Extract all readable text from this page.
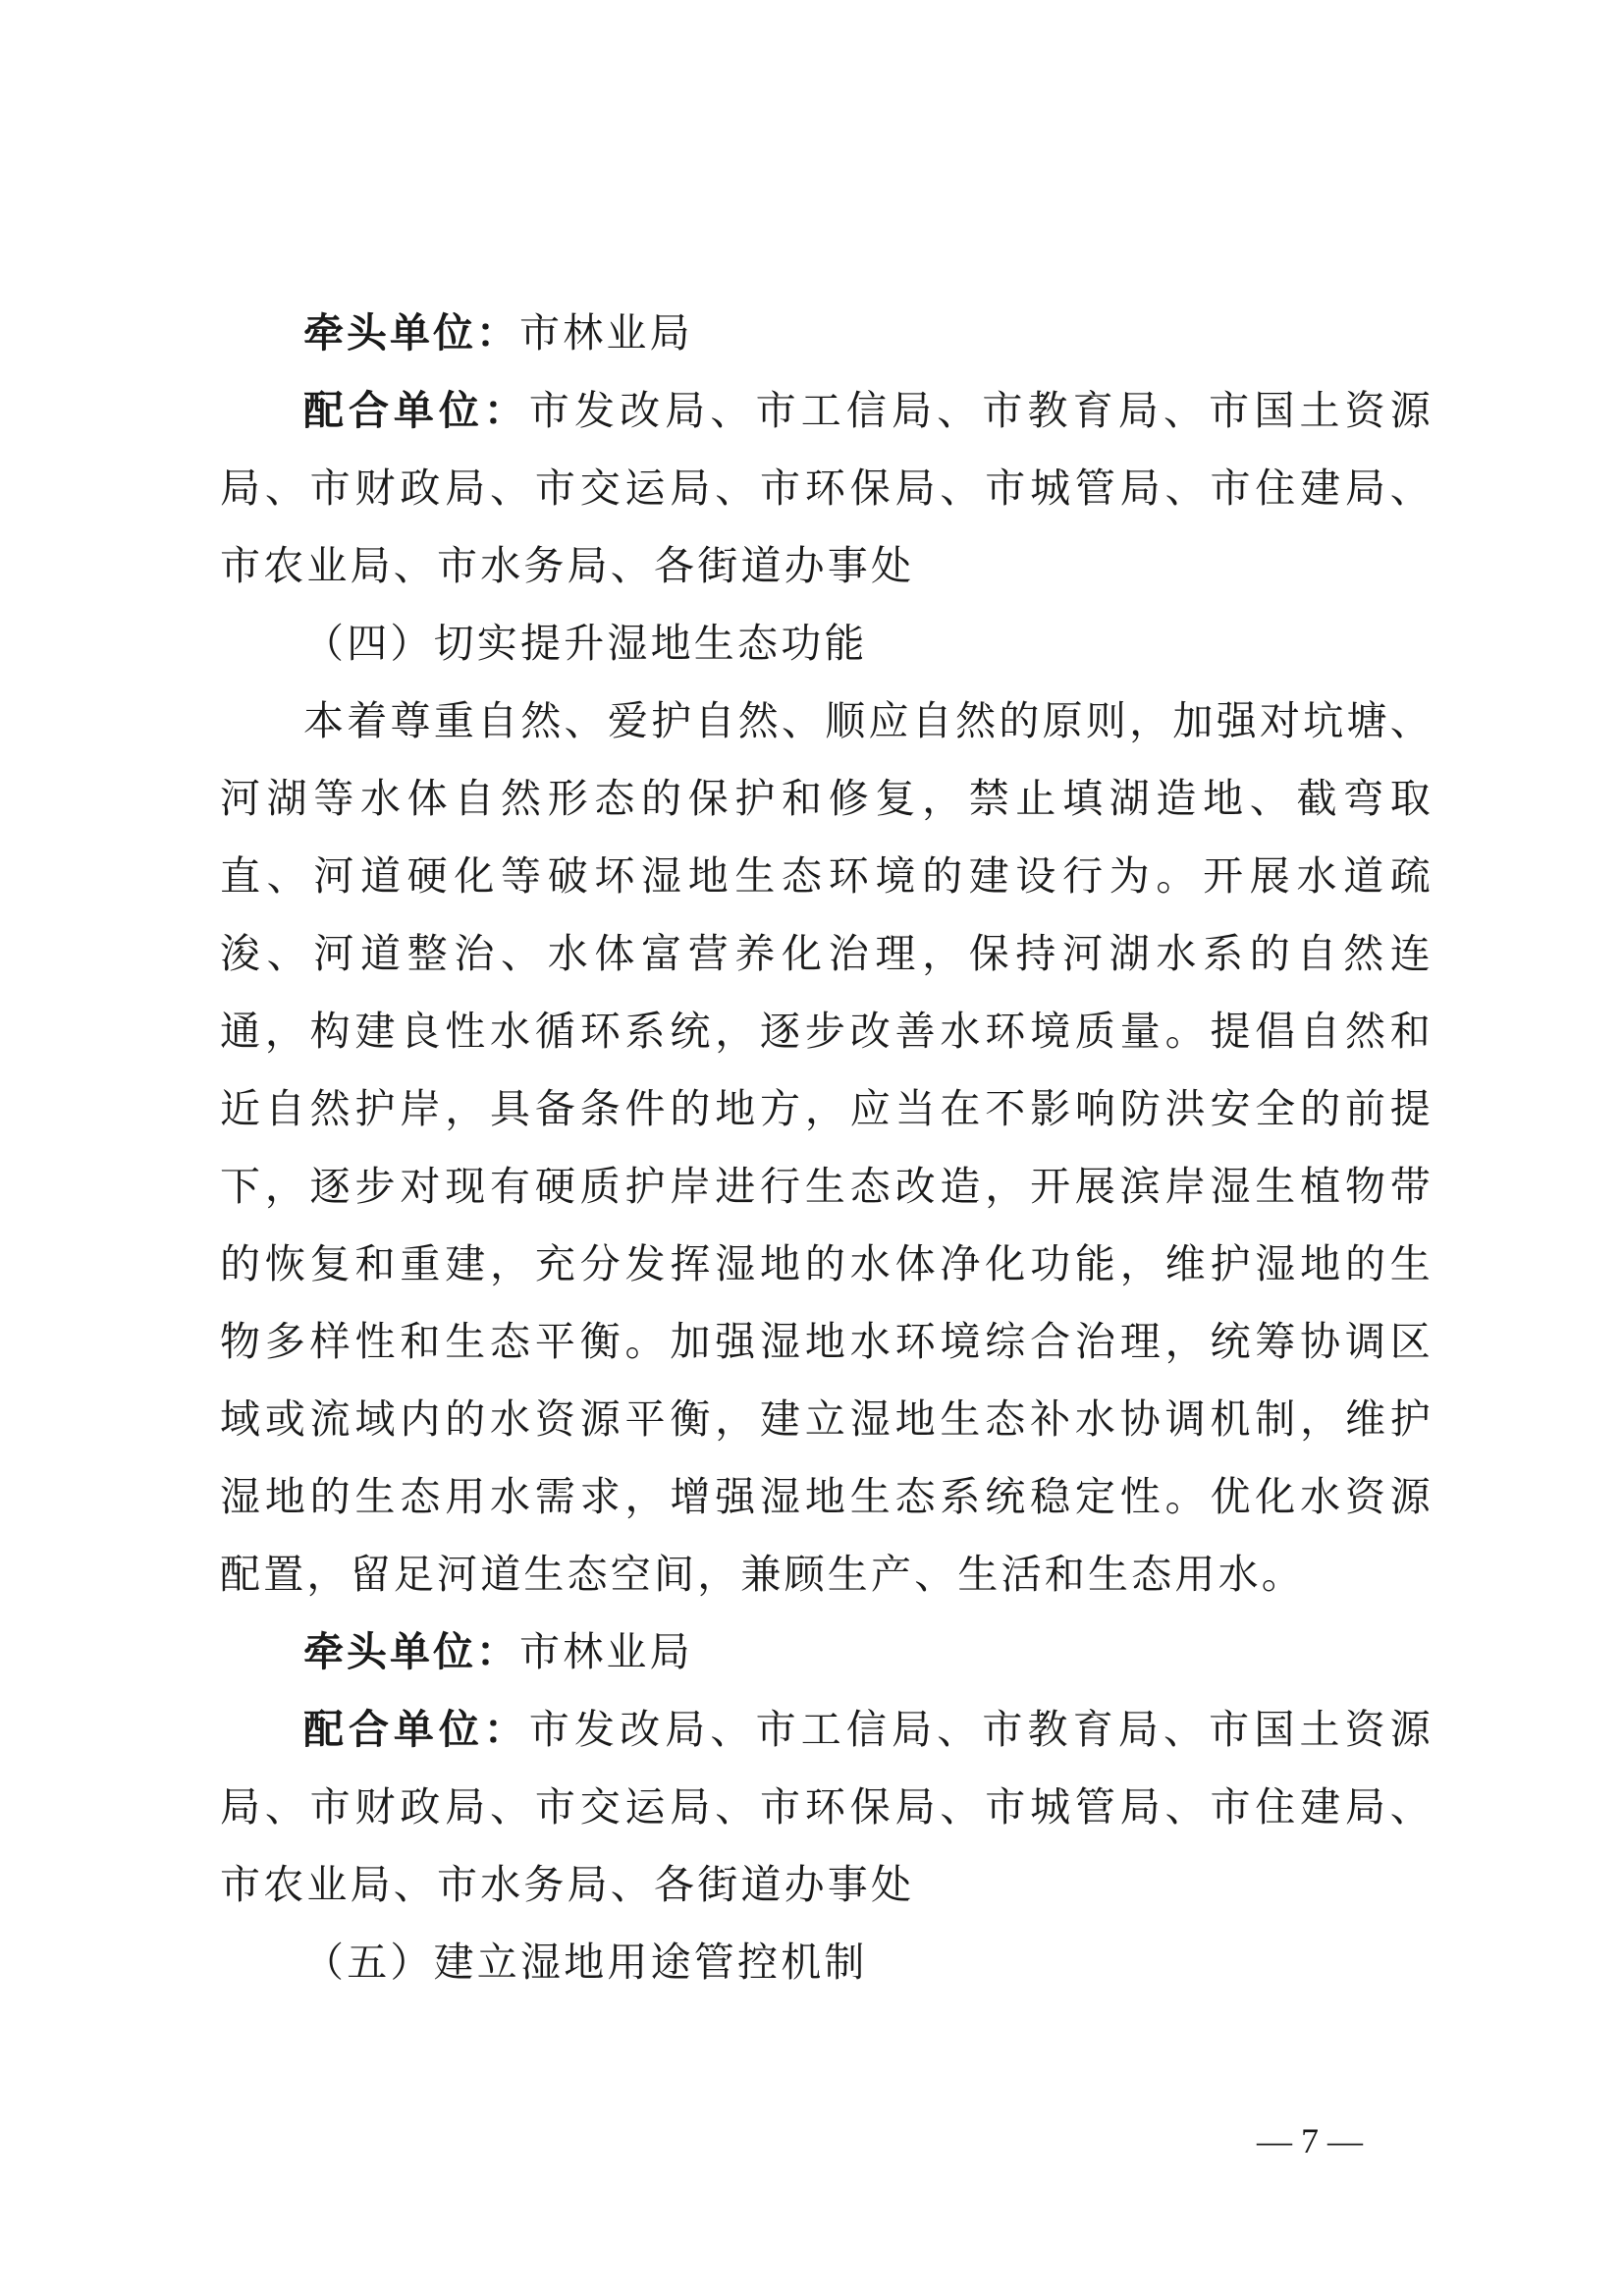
牵头单位：市林业局

配合单位：市发改局、市工信局、市教育局、市国土资源局、市财政局、市交运局、市环保局、市城管局、市住建局、市农业局、市水务局、各街道办事处

（四）切实提升湿地生态功能

本着尊重自然、爱护自然、顺应自然的原则，加强对坑塘、河湖等水体自然形态的保护和修复，禁止填湖造地、截弯取直、河道硬化等破坏湿地生态环境的建设行为。开展水道疏浚、河道整治、水体富营养化治理，保持河湖水系的自然连通，构建良性水循环系统，逐步改善水环境质量。提倡自然和近自然护岸，具备条件的地方，应当在不影响防洪安全的前提下，逐步对现有硬质护岸进行生态改造，开展滨岸湿生植物带的恢复和重建，充分发挥湿地的水体净化功能，维护湿地的生物多样性和生态平衡。加强湿地水环境综合治理，统筹协调区域或流域内的水资源平衡，建立湿地生态补水协调机制，维护湿地的生态用水需求，增强湿地生态系统稳定性。优化水资源配置，留足河道生态空间，兼顾生产、生活和生态用水。

牵头单位：市林业局

配合单位：市发改局、市工信局、市教育局、市国土资源局、市财政局、市交运局、市环保局、市城管局、市住建局、市农业局、市水务局、各街道办事处

（五）建立湿地用途管控机制

— 7 —
